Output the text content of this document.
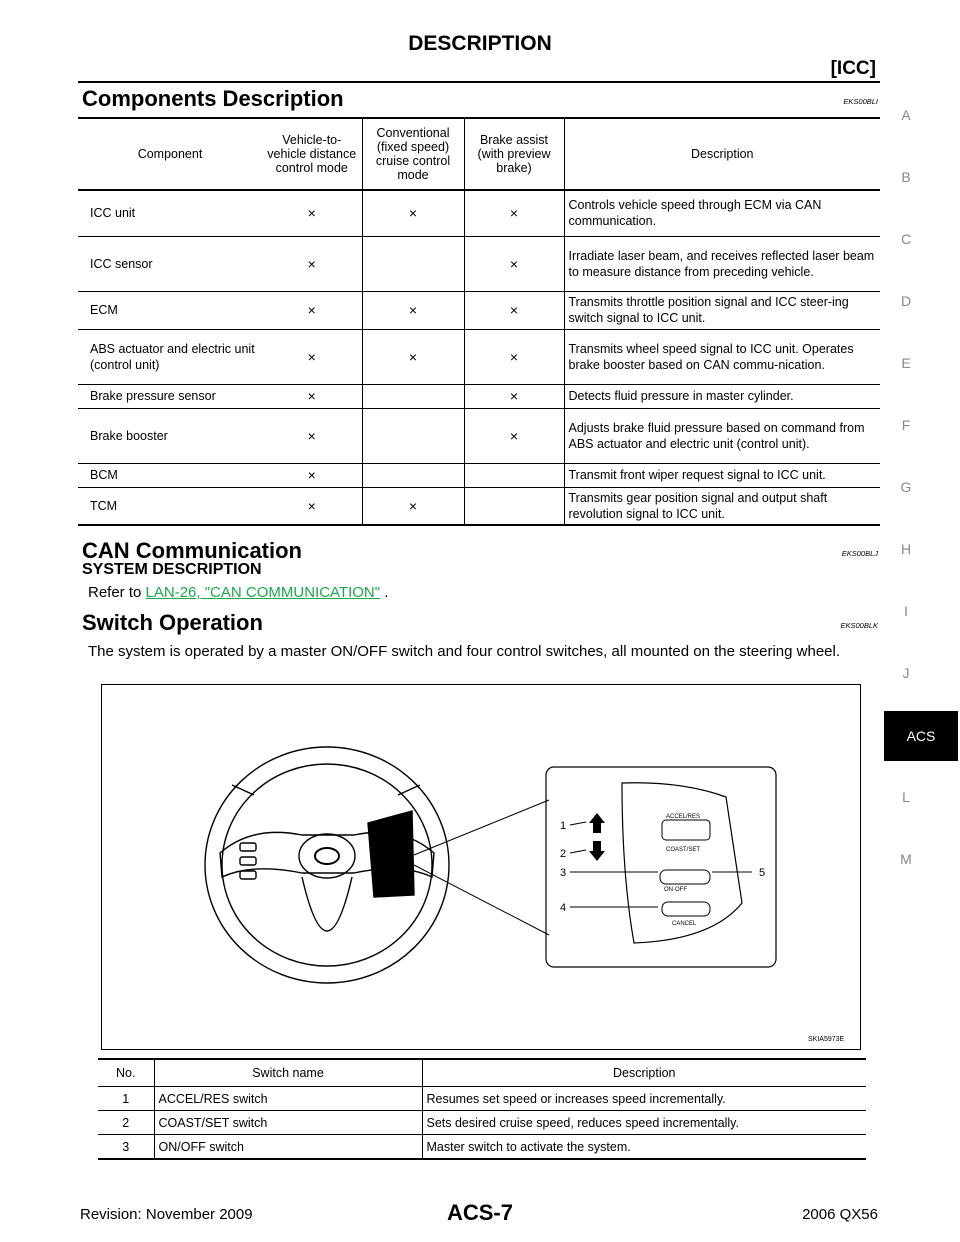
DESCRIPTION
[ICC]
Components Description	EKS00BLI
Component	Vehicle-to-vehicle distance control mode	Conventional (fixed speed) cruise control mode	Brake assist (with preview brake)	Description
ICC unit	×	×	×	Controls vehicle speed through ECM via CAN communication.
ICC sensor	×		×	Irradiate laser beam, and receives reflected laser beam to measure distance from preceding vehicle.
ECM	×	×	×	Transmits throttle position signal and ICC steer-ing switch signal to ICC unit.
ABS actuator and electric unit (control unit)	×	×	×	Transmits wheel speed signal to ICC unit. Operates brake booster based on CAN commu-nication.
Brake pressure sensor	×		×	Detects fluid pressure in master cylinder.
Brake booster	×		×	Adjusts brake fluid pressure based on command from ABS actuator and electric unit (control unit).
BCM	×			Transmit front wiper request signal to ICC unit.
TCM	×	×		Transmits gear position signal and output shaft revolution signal to ICC unit.
CAN Communication	EKS00BLJ
SYSTEM DESCRIPTION
Refer to LAN-26, "CAN COMMUNICATION" .
Switch Operation	EKS00BLK
The system is operated by a master ON/OFF switch and four control switches, all mounted on the steering wheel.
1
2
3
4
5
ACCEL/RES
COAST/SET
ON·OFF
CANCEL
SKIA5973E
No.	Switch name	Description
1	ACCEL/RES switch	Resumes set speed or increases speed incrementally.
2	COAST/SET switch	Sets desired cruise speed, reduces speed incrementally.
3	ON/OFF switch	Master switch to activate the system.
A
B
C
D
E
F
G
H
I
J
ACS
L
M
Revision: November 2009	ACS-7	2006 QX56
